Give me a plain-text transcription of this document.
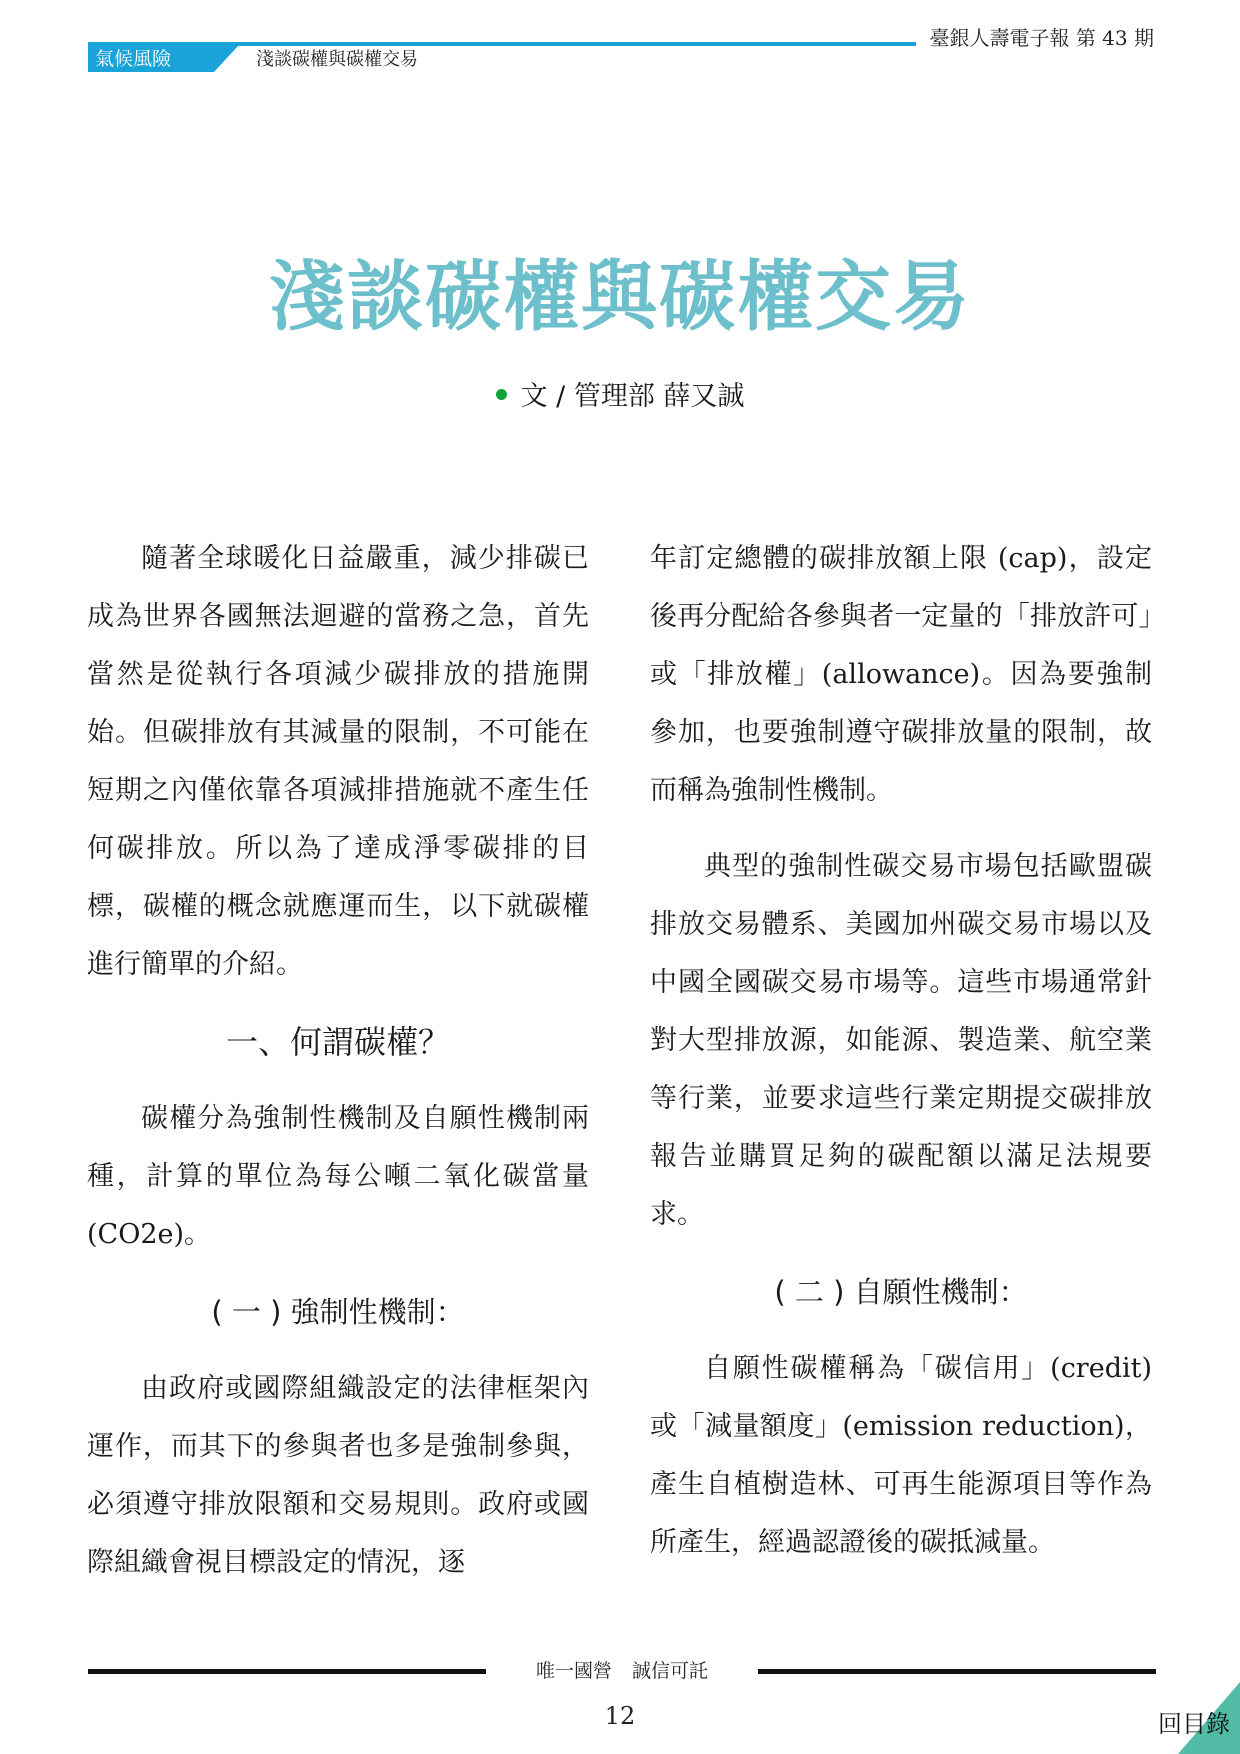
氣候風險	淺談碳權與碳權交易
臺銀人壽電子報 第 43 期
淺談碳權與碳權交易
文 / 管理部 薛又誠

隨著全球暖化日益嚴重，減少排碳已成為世界各國無法迴避的當務之急，首先當然是從執行各項減少碳排放的措施開始。但碳排放有其減量的限制，不可能在短期之內僅依靠各項減排措施就不產生任何碳排放。所以為了達成淨零碳排的目標，碳權的概念就應運而生，以下就碳權進行簡單的介紹。

一、何謂碳權？

碳權分為強制性機制及自願性機制兩種，計算的單位為每公噸二氧化碳當量 (CO2e)。

( 一 ) 強制性機制：

由政府或國際組織設定的法律框架內運作，而其下的參與者也多是強制參與，必須遵守排放限額和交易規則。政府或國際組織會視目標設定的情況，逐

年訂定總體的碳排放額上限 (cap)，設定後再分配給各參與者一定量的「排放許可」或「排放權」(allowance)。因為要強制參加，也要強制遵守碳排放量的限制，故而稱為強制性機制。

典型的強制性碳交易市場包括歐盟碳排放交易體系、美國加州碳交易市場以及中國全國碳交易市場等。這些市場通常針對大型排放源，如能源、製造業、航空業等行業，並要求這些行業定期提交碳排放報告並購買足夠的碳配額以滿足法規要求。

( 二 ) 自願性機制：

自願性碳權稱為「碳信用」(credit)或「減量額度」(emission reduction)，產生自植樹造林、可再生能源項目等作為所產生，經過認證後的碳抵減量。

唯一國營 誠信可託
12	回目錄
